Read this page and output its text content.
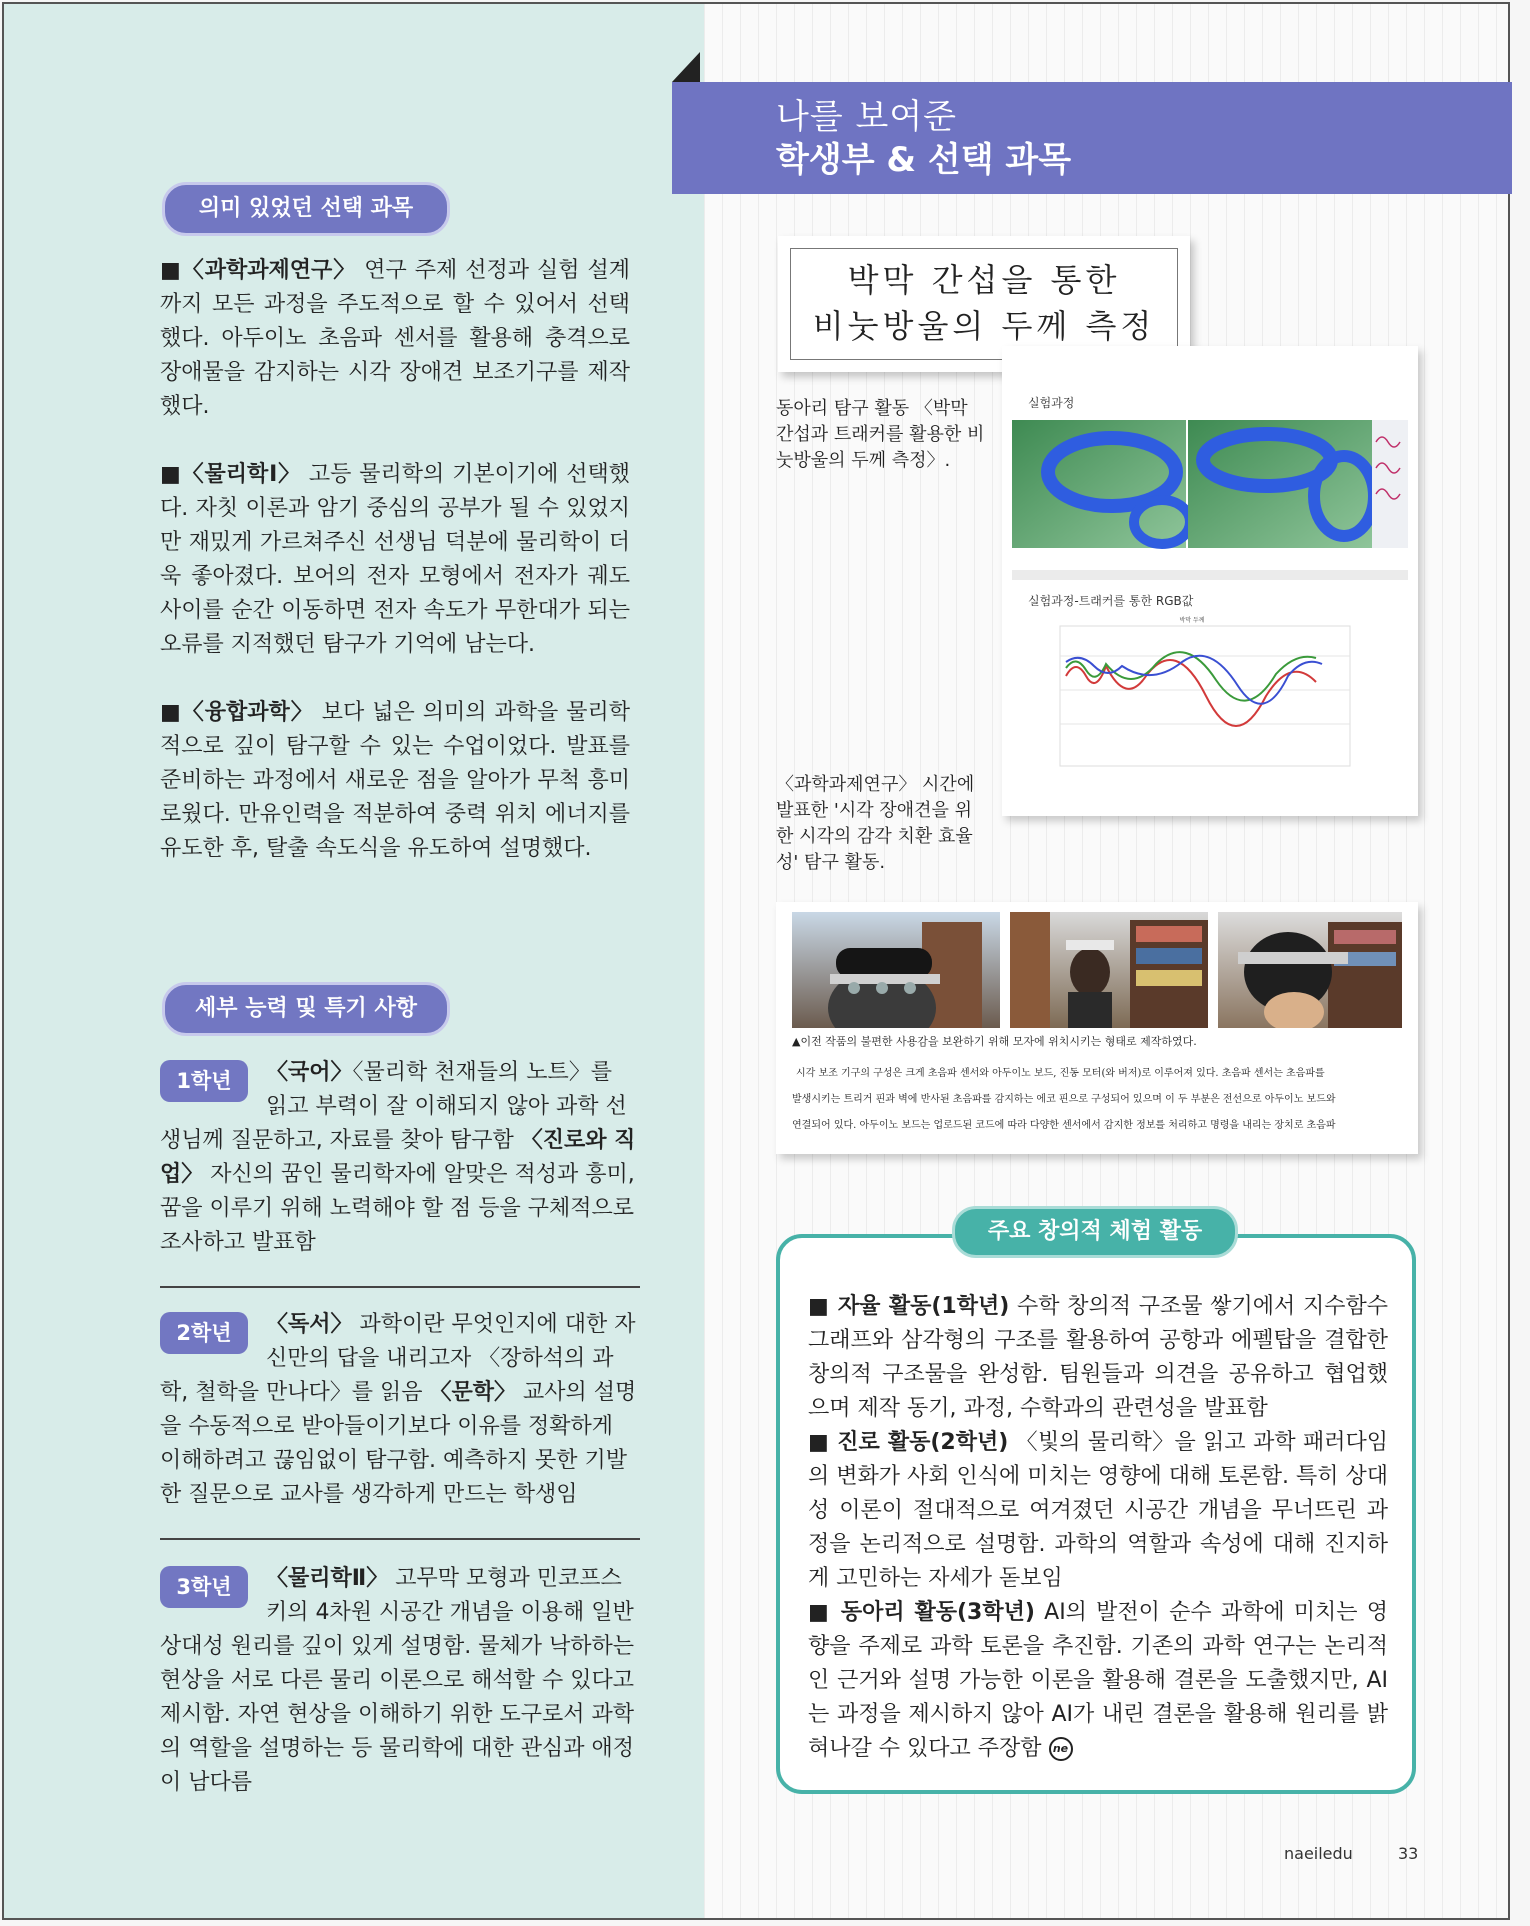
나를 보여준
학생부 & 선택 과목
의미 있었던 선택 과목
■〈과학과제연구〉 연구 주제 선정과 실험 설계까지 모든 과정을 주도적으로 할 수 있어서 선택했다. 아두이노 초음파 센서를 활용해 충격으로 장애물을 감지하는 시각 장애견 보조기구를 제작했다.
■〈물리학Ⅰ〉 고등 물리학의 기본이기에 선택했다. 자칫 이론과 암기 중심의 공부가 될 수 있었지만 재밌게 가르쳐주신 선생님 덕분에 물리학이 더욱 좋아졌다. 보어의 전자 모형에서 전자가 궤도 사이를 순간 이동하면 전자 속도가 무한대가 되는 오류를 지적했던 탐구가 기억에 남는다.
■〈융합과학〉 보다 넓은 의미의 과학을 물리학적으로 깊이 탐구할 수 있는 수업이었다. 발표를 준비하는 과정에서 새로운 점을 알아가 무척 흥미로웠다. 만유인력을 적분하여 중력 위치 에너지를 유도한 후, 탈출 속도식을 유도하여 설명했다.
세부 능력 및 특기 사항
1학년	〈국어〉〈물리학 천재들의 노트〉를 읽고 부력이 잘 이해되지 않아 과학 선생님께 질문하고, 자료를 찾아 탐구함 〈진로와 직업〉 자신의 꿈인 물리학자에 알맞은 적성과 흥미, 꿈을 이루기 위해 노력해야 할 점 등을 구체적으로 조사하고 발표함
2학년	〈독서〉 과학이란 무엇인지에 대한 자신만의 답을 내리고자 〈장하석의 과학, 철학을 만나다〉를 읽음 〈문학〉 교사의 설명을 수동적으로 받아들이기보다 이유를 정확하게 이해하려고 끊임없이 탐구함. 예측하지 못한 기발한 질문으로 교사를 생각하게 만드는 학생임
3학년	〈물리학Ⅱ〉 고무막 모형과 민코프스키의 4차원 시공간 개념을 이용해 일반 상대성 원리를 깊이 있게 설명함. 물체가 낙하하는 현상을 서로 다른 물리 이론으로 해석할 수 있다고 제시함. 자연 현상을 이해하기 위한 도구로서 과학의 역할을 설명하는 등 물리학에 대한 관심과 애정이 남다름
박막 간섭을 통한
비눗방울의 두께 측정
동아리 탐구 활동 〈박막 간섭과 트래커를 활용한 비눗방울의 두께 측정〉.
실험과정
박막 두께
실험과정-트래커를 통한 RGB값
〈과학과제연구〉 시간에 발표한 '시각 장애견을 위한 시각의 감각 치환 효율성' 탐구 활동.
▲이전 작품의 불편한 사용감을 보완하기 위해 모자에 위치시키는 형태로 제작하였다.
시각 보조 기구의 구성은 크게 초음파 센서와 아두이노 보드, 진동 모터(와 버저)로 이루어져 있다. 초음파 센서는 초음파를
발생시키는 트리거 핀과 벽에 반사된 초음파를 감지하는 에코 핀으로 구성되어 있으며 이 두 부분은 전선으로 아두이노 보드와
연결되어 있다. 아두이노 보드는 업로드된 코드에 따라 다양한 센서에서 감지한 정보를 처리하고 명령을 내리는 장치로 초음파
주요 창의적 체험 활동
■ 자율 활동(1학년) 수학 창의적 구조물 쌓기에서 지수함수 그래프와 삼각형의 구조를 활용하여 공항과 에펠탑을 결합한 창의적 구조물을 완성함. 팀원들과 의견을 공유하고 협업했으며 제작 동기, 과정, 수학과의 관련성을 발표함
■ 진로 활동(2학년) 〈빛의 물리학〉을 읽고 과학 패러다임의 변화가 사회 인식에 미치는 영향에 대해 토론함. 특히 상대성 이론이 절대적으로 여겨졌던 시공간 개념을 무너뜨린 과정을 논리적으로 설명함. 과학의 역할과 속성에 대해 진지하게 고민하는 자세가 돋보임
■ 동아리 활동(3학년) AI의 발전이 순수 과학에 미치는 영향을 주제로 과학 토론을 추진함. 기존의 과학 연구는 논리적인 근거와 설명 가능한 이론을 활용해 결론을 도출했지만, AI는 과정을 제시하지 않아 AI가 내린 결론을 활용해 원리를 밝혀나갈 수 있다고 주장함 ne
naeiledu	33
